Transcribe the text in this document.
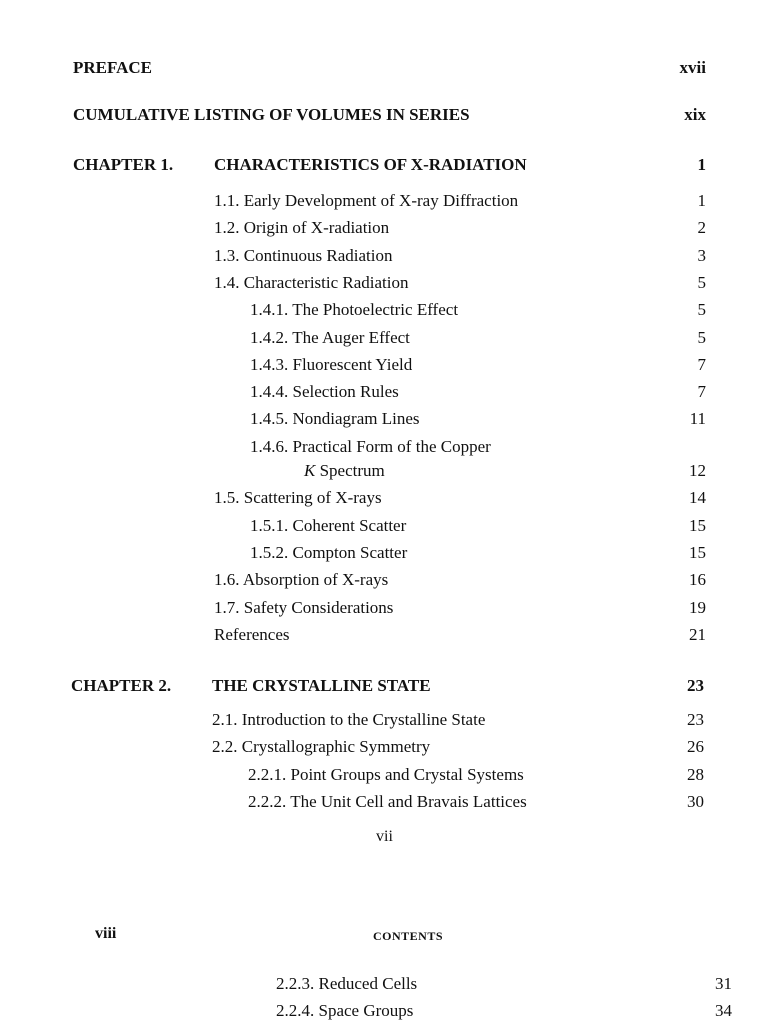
PREFACE	xvii
CUMULATIVE LISTING OF VOLUMES IN SERIES	xix
CHAPTER 1. CHARACTERISTICS OF X-RADIATION	1
1.1. Early Development of X-ray Diffraction	1
1.2. Origin of X-radiation	2
1.3. Continuous Radiation	3
1.4. Characteristic Radiation	5
1.4.1. The Photoelectric Effect	5
1.4.2. The Auger Effect	5
1.4.3. Fluorescent Yield	7
1.4.4. Selection Rules	7
1.4.5. Nondiagram Lines	11
1.4.6. Practical Form of the Copper
K Spectrum	12
1.5. Scattering of X-rays	14
1.5.1. Coherent Scatter	15
1.5.2. Compton Scatter	15
1.6. Absorption of X-rays	16
1.7. Safety Considerations	19
References	21
CHAPTER 2. THE CRYSTALLINE STATE	23
2.1. Introduction to the Crystalline State	23
2.2. Crystallographic Symmetry	26
2.2.1. Point Groups and Crystal Systems	28
2.2.2. The Unit Cell and Bravais Lattices	30
vii
viii	CONTENTS
2.2.3. Reduced Cells	31
2.2.4. Space Groups	34
